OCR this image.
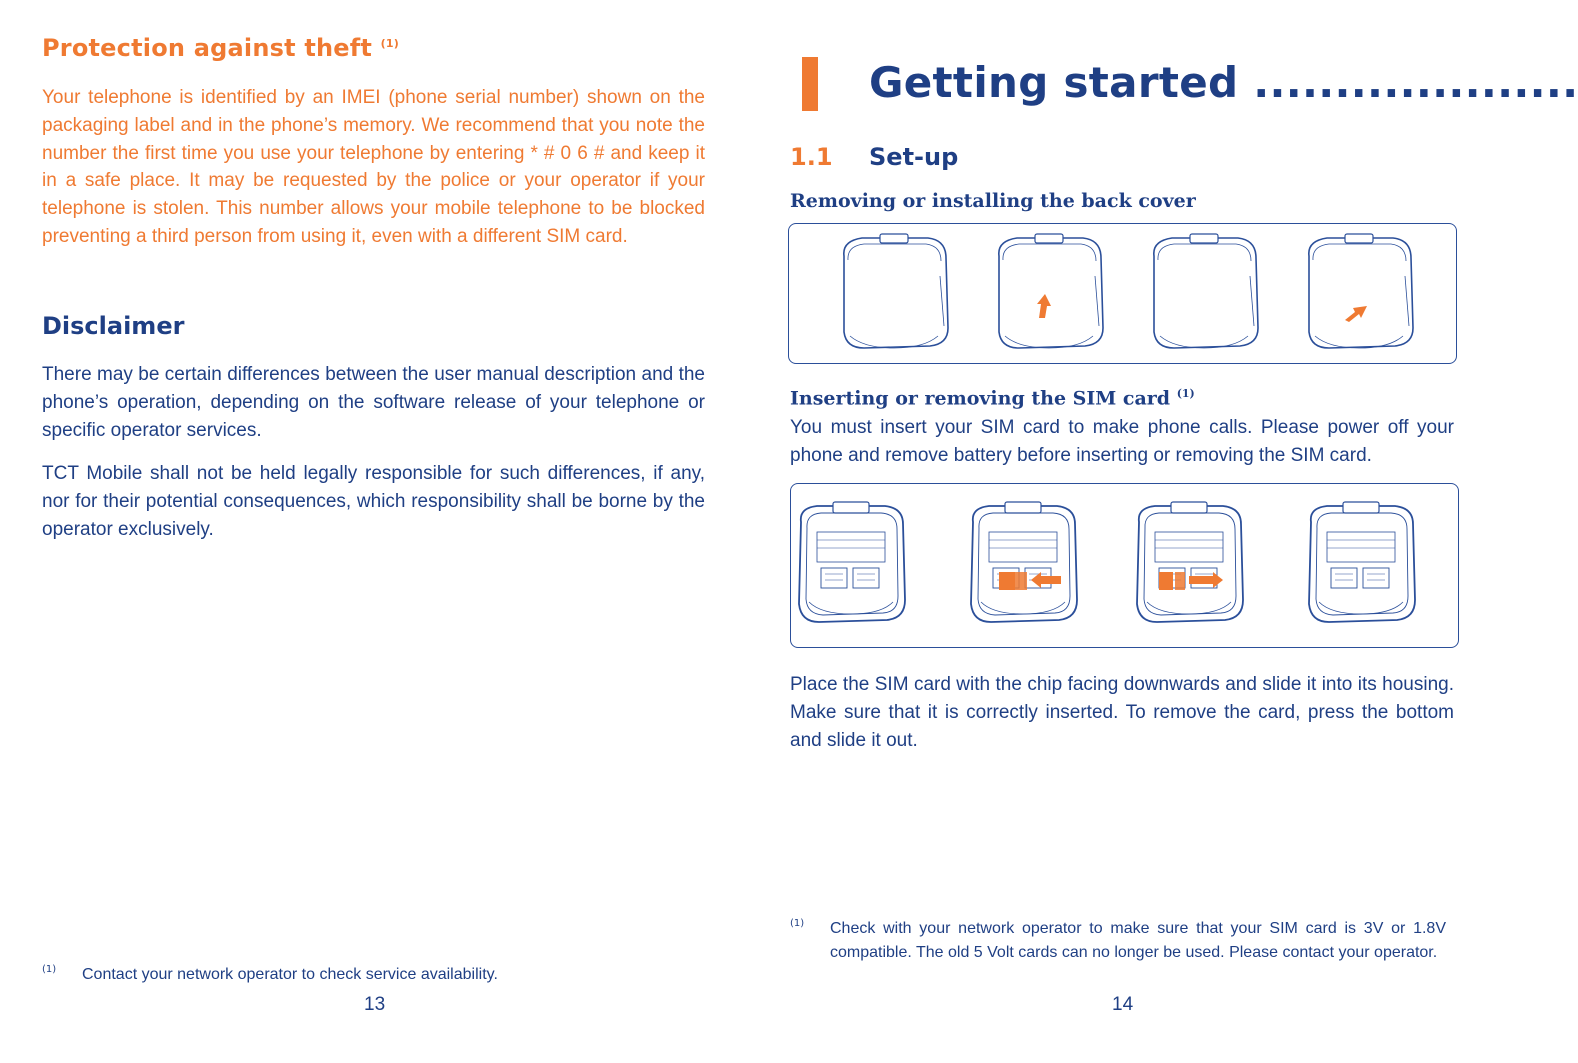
Protection against theft $^{(1)}$

Your telephone is identified by an IMEI (phone serial number) shown on the packaging label and in the phone’s memory. We recommend that you note the number the first time you use your telephone by entering * # 0 6 # and keep it in a safe place. It may be requested by the police or your operator if your telephone is stolen. This number allows your mobile telephone to be blocked preventing a third person from using it, even with a different SIM card.

Disclaimer

There may be certain differences between the user manual description and the phone’s operation, depending on the software release of your telephone or specific operator services.

TCT Mobile shall not be held legally responsible for such differences, if any, nor for their potential consequences, which responsibility shall be borne by the operator exclusively.

(1) Contact your network operator to check service availability.
13
Getting started ....................
1.1 Set-up
Removing or installing the back cover
Inserting or removing the SIM card $^{(1)}$

You must insert your SIM card to make phone calls. Please power off your phone and remove battery before inserting or removing the SIM card.

Place the SIM card with the chip facing downwards and slide it into its housing. Make sure that it is correctly inserted. To remove the card, press the bottom and slide it out.

(1) Check with your network operator to make sure that your SIM card is 3V or 1.8V compatible. The old 5 Volt cards can no longer be used. Please contact your operator.
14
